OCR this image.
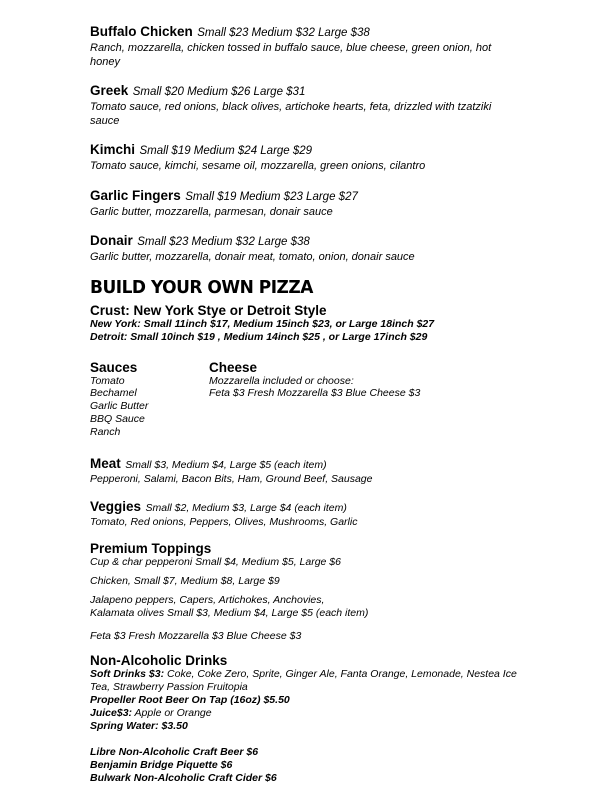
Buffalo Chicken Small $23 Medium $32 Large $38
Ranch, mozzarella, chicken tossed in buffalo sauce, blue cheese, green onion, hot honey
Greek Small $20 Medium $26 Large $31
Tomato sauce, red onions, black olives, artichoke hearts, feta, drizzled with tzatziki sauce
Kimchi Small $19 Medium $24 Large $29
Tomato sauce, kimchi, sesame oil, mozzarella, green onions, cilantro
Garlic Fingers Small $19 Medium $23 Large $27
Garlic butter, mozzarella, parmesan, donair sauce
Donair Small $23 Medium $32 Large $38
Garlic butter, mozzarella, donair meat, tomato, onion, donair sauce
BUILD YOUR OWN PIZZA
Crust: New York Stye or Detroit Style
New York: Small 11inch $17, Medium 15inch $23, or Large 18inch $27
Detroit: Small 10inch $19 , Medium 14inch $25 , or Large 17inch $29
Sauces
Tomato
Bechamel
Garlic Butter
BBQ Sauce
Ranch
Cheese
Mozzarella included or choose:
Feta $3 Fresh Mozzarella $3 Blue Cheese $3
Meat Small $3, Medium $4, Large $5 (each item)
Pepperoni, Salami, Bacon Bits, Ham, Ground Beef, Sausage
Veggies Small $2, Medium $3, Large $4 (each item)
Tomato, Red onions, Peppers, Olives, Mushrooms, Garlic
Premium Toppings
Cup & char pepperoni Small $4, Medium $5, Large $6
Chicken, Small $7, Medium $8, Large $9
Jalapeno peppers, Capers, Artichokes, Anchovies,
Kalamata olives Small $3, Medium $4, Large $5 (each item)
Feta $3 Fresh Mozzarella $3 Blue Cheese $3
Non-Alcoholic Drinks
Soft Drinks $3: Coke, Coke Zero, Sprite, Ginger Ale, Fanta Orange, Lemonade, Nestea Ice Tea, Strawberry Passion Fruitopia
Propeller Root Beer On Tap (16oz) $5.50
Juice$3: Apple or Orange
Spring Water: $3.50
Libre Non-Alcoholic Craft Beer $6
Benjamin Bridge Piquette $6
Bulwark Non-Alcoholic Craft Cider $6
